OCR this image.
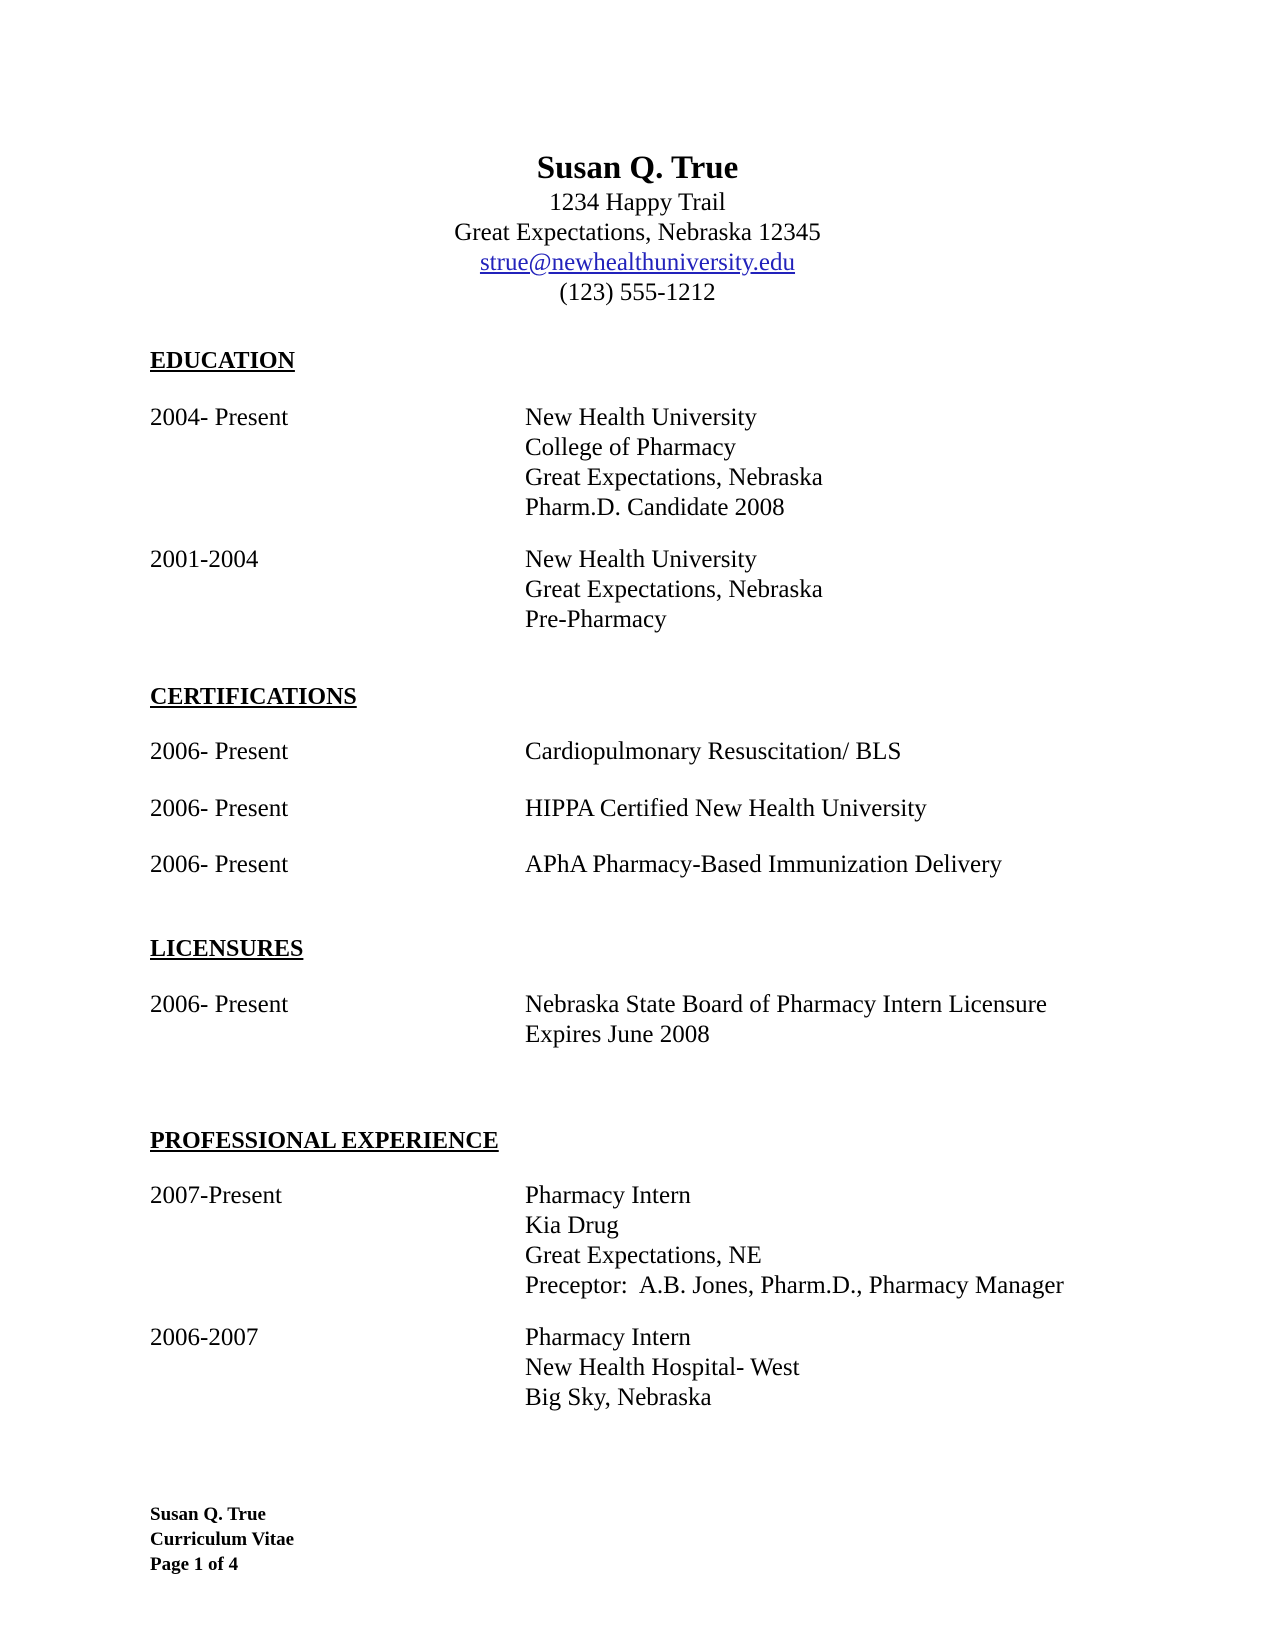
Susan Q. True
1234 Happy Trail
Great Expectations, Nebraska 12345
strue@newhealthuniversity.edu
(123) 555-1212
EDUCATION
2004- Present	New Health University
College of Pharmacy
Great Expectations, Nebraska
Pharm.D. Candidate 2008
2001-2004	New Health University
Great Expectations, Nebraska
Pre-Pharmacy
CERTIFICATIONS
2006- Present	Cardiopulmonary Resuscitation/ BLS
2006- Present	HIPPA Certified New Health University
2006- Present	APhA Pharmacy-Based Immunization Delivery
LICENSURES
2006- Present	Nebraska State Board of Pharmacy Intern Licensure
Expires June 2008
PROFESSIONAL EXPERIENCE
2007-Present	Pharmacy Intern
Kia Drug
Great Expectations, NE
Preceptor:  A.B. Jones, Pharm.D., Pharmacy Manager
2006-2007	Pharmacy Intern
New Health Hospital- West
Big Sky, Nebraska
Susan Q. True
Curriculum Vitae
Page 1 of 4
